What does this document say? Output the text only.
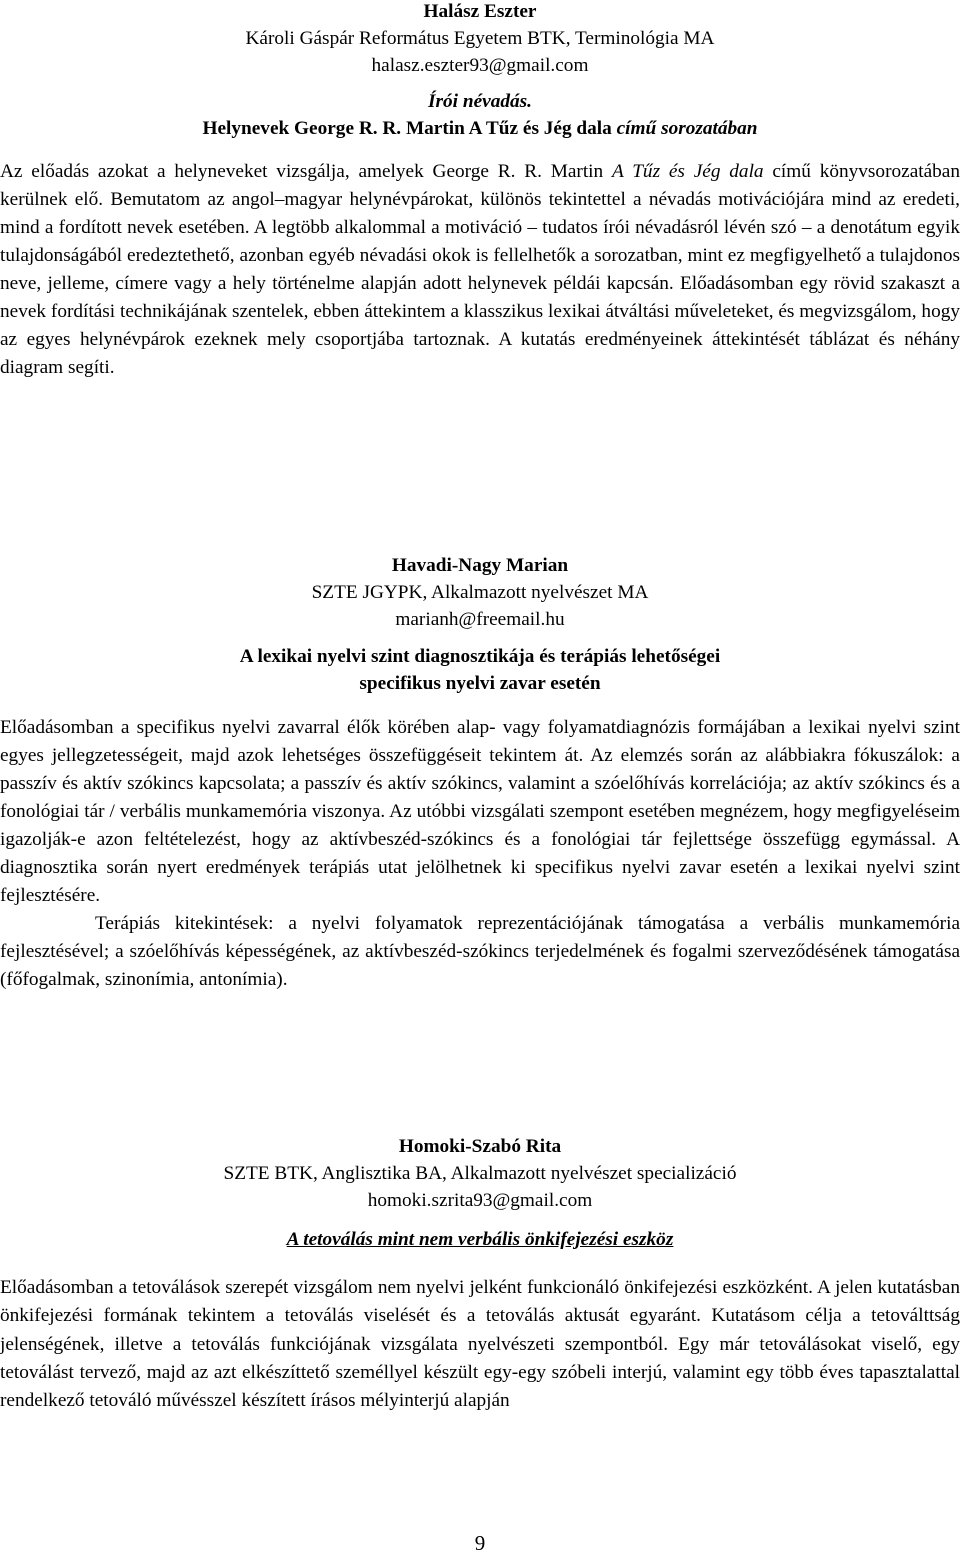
Halász Eszter
Károli Gáspár Református Egyetem BTK, Terminológia MA
halasz.eszter93@gmail.com
Írói névadás.
Helynevek George R. R. Martin A Tűz és Jég dala című sorozatában

Az előadás azokat a helyneveket vizsgálja, amelyek George R. R. Martin A Tűz és Jég dala című könyvsorozatában kerülnek elő. Bemutatom az angol–magyar helynévpárokat, különös tekintettel a névadás motivációjára mind az eredeti, mind a fordított nevek esetében. A legtöbb alkalommal a motiváció – tudatos írói névadásról lévén szó – a denotátum egyik tulajdonságából eredeztethető, azonban egyéb névadási okok is fellelhetők a sorozatban, mint ez megfigyelhető a tulajdonos neve, jelleme, címere vagy a hely történelme alapján adott helynevek példái kapcsán. Előadásomban egy rövid szakaszt a nevek fordítási technikájának szentelek, ebben áttekintem a klasszikus lexikai átváltási műveleteket, és megvizsgálom, hogy az egyes helynévpárok ezeknek mely csoportjába tartoznak. A kutatás eredményeinek áttekintését táblázat és néhány diagram segíti.

Havadi-Nagy Marian
SZTE JGYPK, Alkalmazott nyelvészet MA
marianh@freemail.hu
A lexikai nyelvi szint diagnosztikája és terápiás lehetőségei
specifikus nyelvi zavar esetén

Előadásomban a specifikus nyelvi zavarral élők körében alap- vagy folyamatdiagnózis formájában a lexikai nyelvi szint egyes jellegzetességeit, majd azok lehetséges összefüggéseit tekintem át. Az elemzés során az alábbiakra fókuszálok: a passzív és aktív szókincs kapcsolata; a passzív és aktív szókincs, valamint a szóelőhívás korrelációja; az aktív szókincs és a fonológiai tár / verbális munkamemória viszonya. Az utóbbi vizsgálati szempont esetében megnézem, hogy megfigyeléseim igazolják-e azon feltételezést, hogy az aktívbeszéd-szókincs és a fonológiai tár fejlettsége összefügg egymással. A diagnosztika során nyert eredmények terápiás utat jelölhetnek ki specifikus nyelvi zavar esetén a lexikai nyelvi szint fejlesztésére.

Terápiás kitekintések: a nyelvi folyamatok reprezentációjának támogatása a verbális munkamemória fejlesztésével; a szóelőhívás képességének, az aktívbeszéd-szókincs terjedelmének és fogalmi szerveződésének támogatása (főfogalmak, szinonímia, antonímia).

Homoki-Szabó Rita
SZTE BTK, Anglisztika BA, Alkalmazott nyelvészet specializáció
homoki.szrita93@gmail.com
A tetoválás mint nem verbális önkifejezési eszköz

Előadásomban a tetoválások szerepét vizsgálom nem nyelvi jelként funkcionáló önkifejezési eszközként. A jelen kutatásban önkifejezési formának tekintem a tetoválás viselését és a tetoválás aktusát egyaránt. Kutatásom célja a tetoválttság jelenségének, illetve a tetoválás funkciójának vizsgálata nyelvészeti szempontból. Egy már tetoválásokat viselő, egy tetoválást tervező, majd az azt elkészíttető személlyel készült egy-egy szóbeli interjú, valamint egy több éves tapasztalattal rendelkező tetováló művésszel készített írásos mélyinterjú alapján

9
